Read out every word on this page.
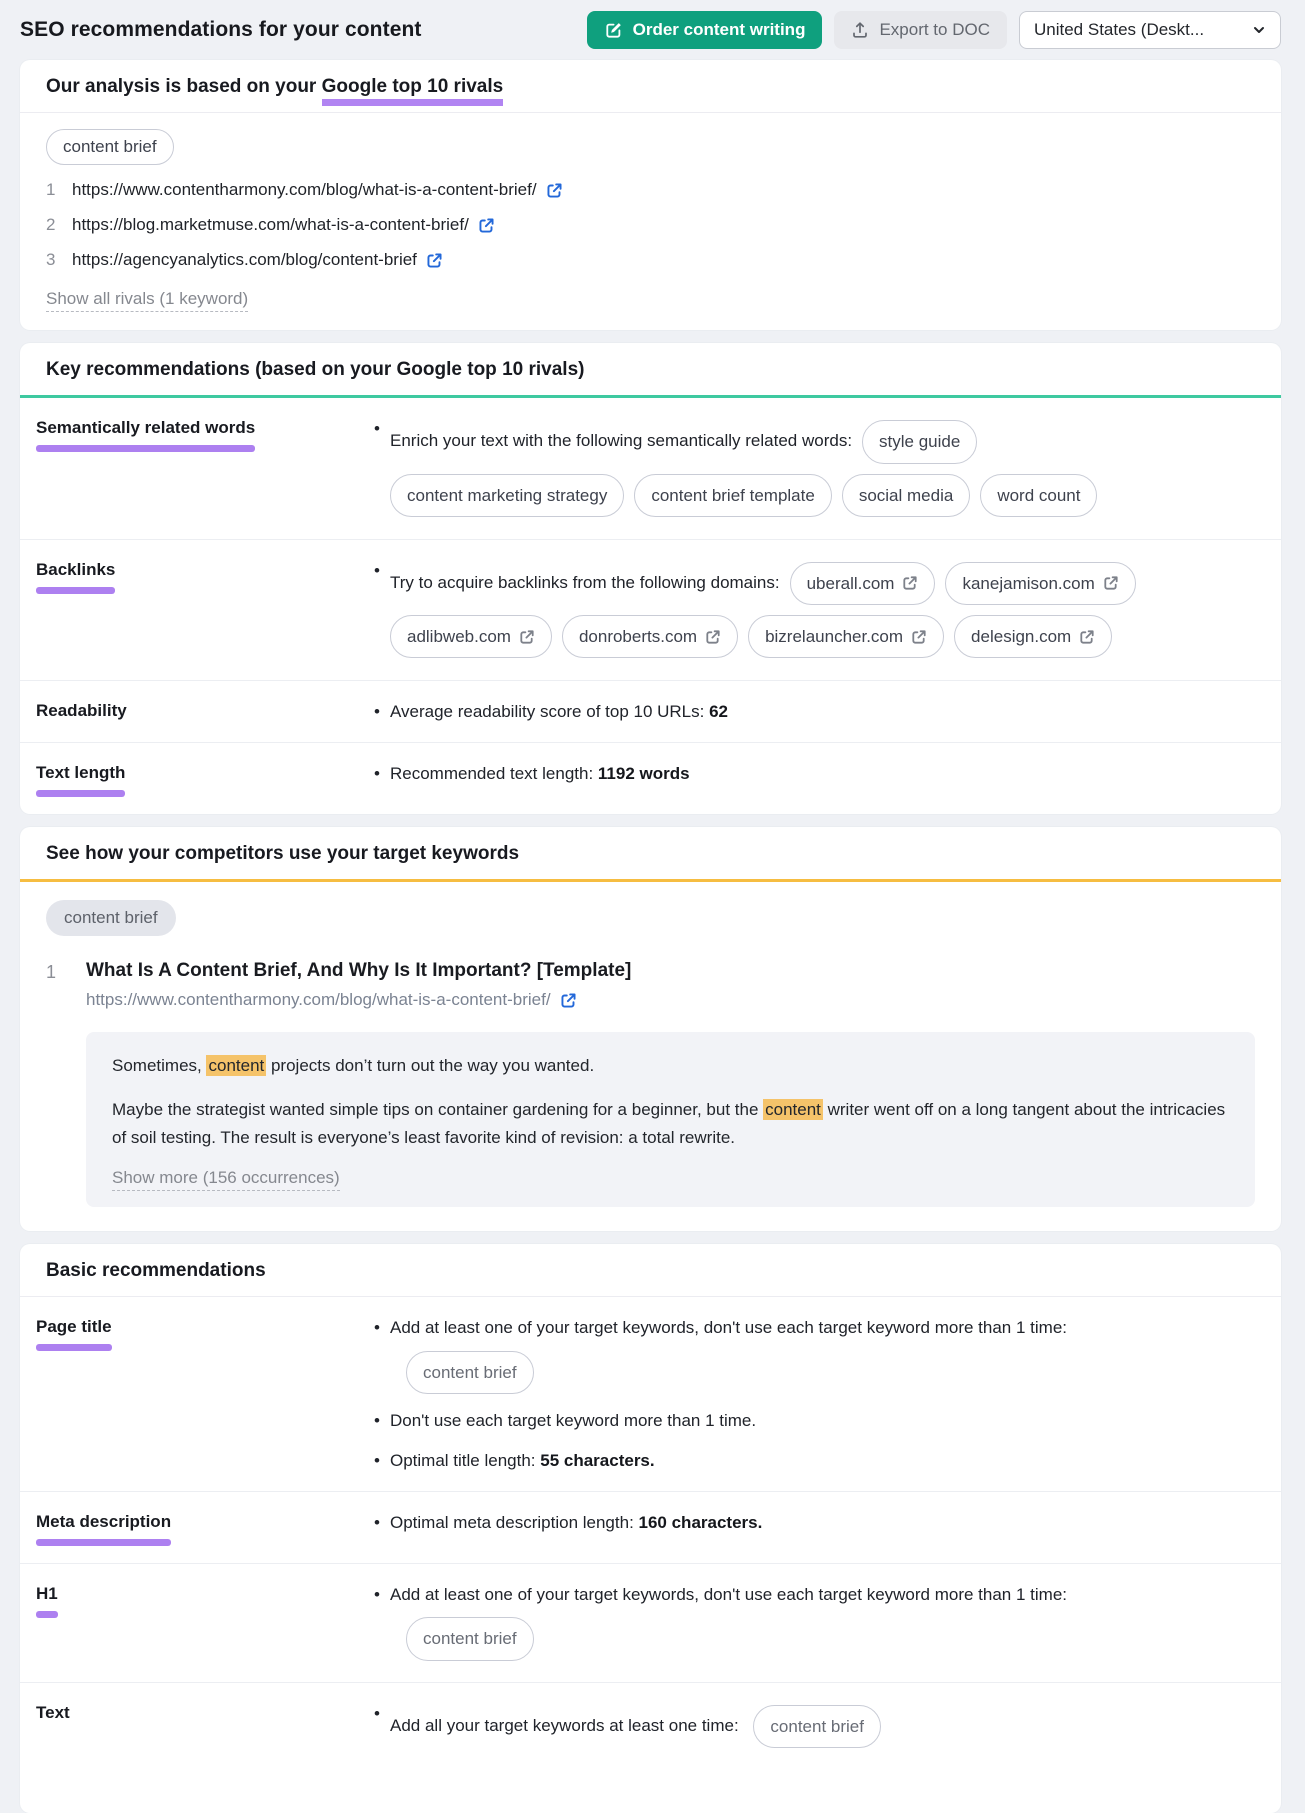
SEO recommendations for your content	Order content writing	Export to DOC	United States (Deskt...
Our analysis is based on your Google top 10 rivals
content brief
1 https://www.contentharmony.com/blog/what-is-a-content-brief/
2 https://blog.marketmuse.com/what-is-a-content-brief/
3 https://agencyanalytics.com/blog/content-brief
Show all rivals (1 keyword)
Key recommendations (based on your Google top 10 rivals)
Semantically related words
• Enrich your text with the following semantically related words: style guide
content marketing strategy	content brief template	social media	word count
Backlinks
• Try to acquire backlinks from the following domains: uberall.com	kanejamison.com
adlibweb.com	donroberts.com	bizrelauncher.com	delesign.com
Readability	• Average readability score of top 10 URLs: 62
Text length	• Recommended text length: 1192 words
See how your competitors use your target keywords
content brief
1	What Is A Content Brief, And Why Is It Important? [Template]
https://www.contentharmony.com/blog/what-is-a-content-brief/

Sometimes, content projects don’t turn out the way you wanted.

Maybe the strategist wanted simple tips on container gardening for a beginner, but the content writer went off on a long tangent about the intricacies of soil testing. The result is everyone’s least favorite kind of revision: a total rewrite.

Show more (156 occurrences)
Basic recommendations
Page title	• Add at least one of your target keywords, don't use each target keyword more than 1 time:
content brief
• Don't use each target keyword more than 1 time.
• Optimal title length: 55 characters.
Meta description	• Optimal meta description length: 160 characters.
H1	• Add at least one of your target keywords, don't use each target keyword more than 1 time:
content brief
Text
• Add all your target keywords at least one time: content brief
